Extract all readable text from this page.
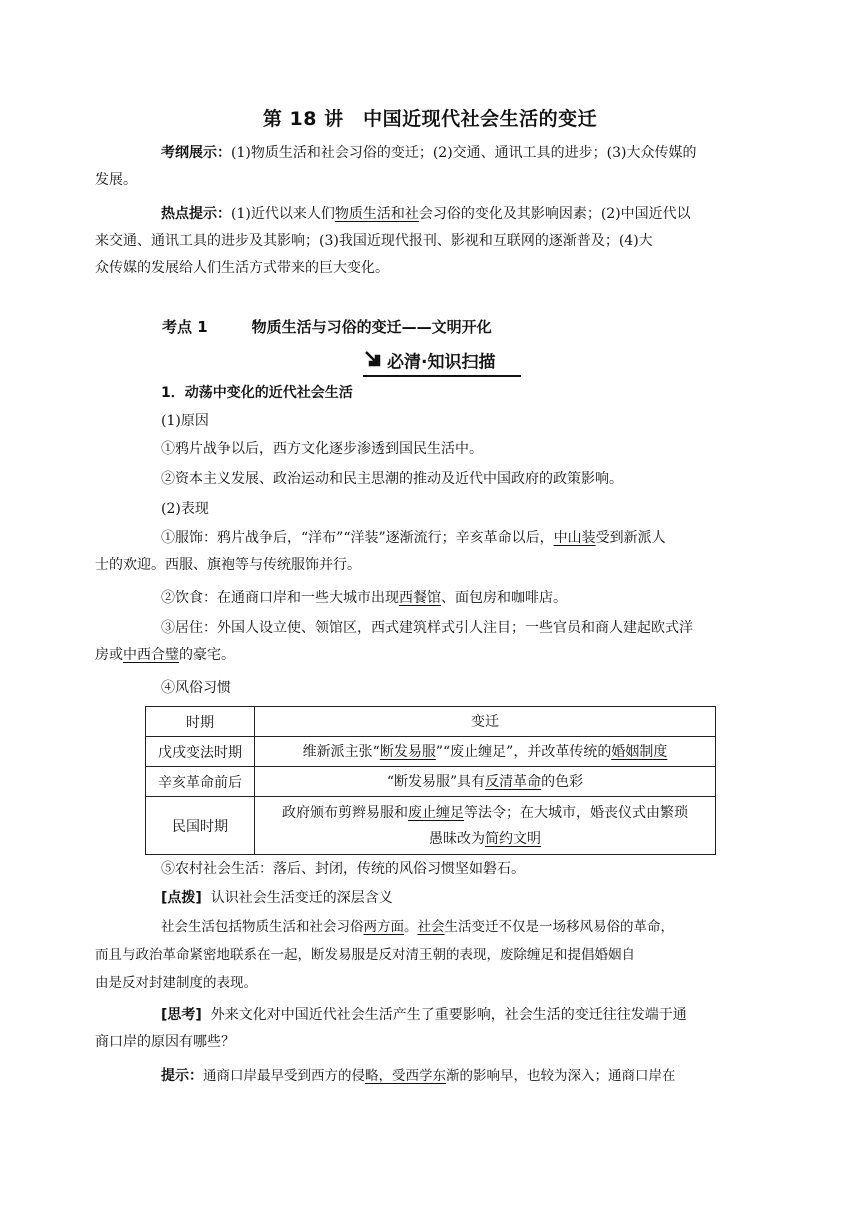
第 18 讲　中国近现代社会生活的变迁

考纲展示：(1)物质生活和社会习俗的变迁；(2)交通、通讯工具的进步；(3)大众传媒的
发展。

热点提示：(1)近代以来人们物质生活和社会习俗的变化及其影响因素；(2)中国近代以
来交通、通讯工具的进步及其影响；(3)我国近现代报刊、影视和互联网的逐渐普及；(4)大
众传媒的发展给人们生活方式带来的巨大变化。

考点 1	物质生活与习俗的变迁——文明开化
必清·知识扫描

1．动荡中变化的近代社会生活

(1)原因

①鸦片战争以后，西方文化逐步渗透到国民生活中。

②资本主义发展、政治运动和民主思潮的推动及近代中国政府的政策影响。

(2)表现

①服饰：鸦片战争后，“洋布”“洋装”逐渐流行；辛亥革命以后，中山装受到新派人
士的欢迎。西服、旗袍等与传统服饰并行。

②饮食：在通商口岸和一些大城市出现西餐馆、面包房和咖啡店。

③居住：外国人设立使、领馆区，西式建筑样式引人注目；一些官员和商人建起欧式洋
房或中西合璧的豪宅。

④风俗习惯

时期	变迁
戊戌变法时期	维新派主张“断发易服”“废止缠足”，并改革传统的婚姻制度
辛亥革命前后	“断发易服”具有反清革命的色彩
民国时期	政府颁布剪辫易服和废止缠足等法令；在大城市，婚丧仪式由繁琐
愚昧改为简约文明

⑤农村社会生活：落后、封闭，传统的风俗习惯坚如磐石。

[点拨] 认识社会生活变迁的深层含义

社会生活包括物质生活和社会习俗两方面。社会生活变迁不仅是一场移风易俗的革命，
而且与政治革命紧密地联系在一起，断发易服是反对清王朝的表现，废除缠足和提倡婚姻自
由是反对封建制度的表现。

[思考] 外来文化对中国近代社会生活产生了重要影响，社会生活的变迁往往发端于通
商口岸的原因有哪些？

提示：通商口岸最早受到西方的侵略，受西学东渐的影响早，也较为深入；通商口岸在
